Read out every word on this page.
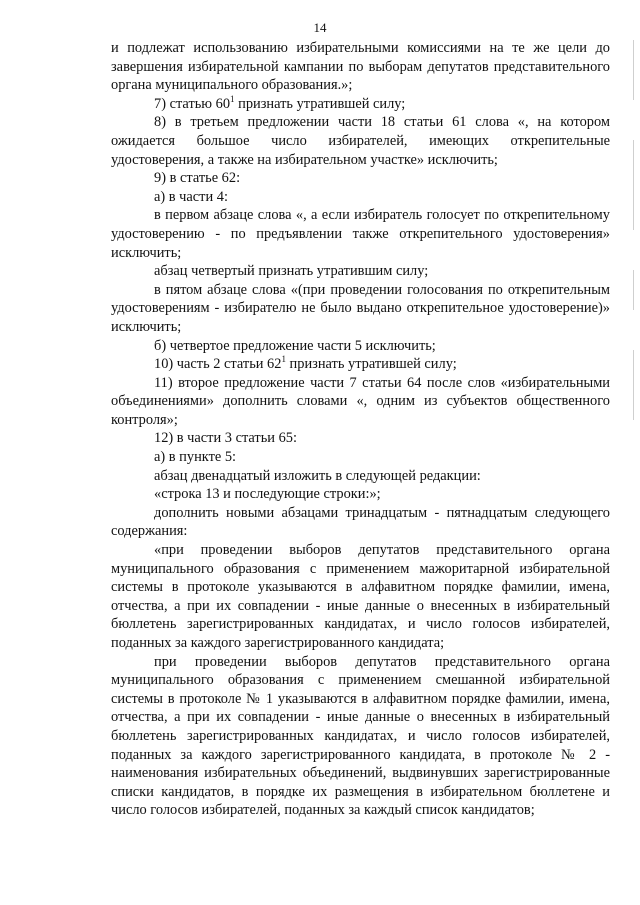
14

и подлежат использованию избирательными комиссиями на те же цели до завершения избирательной кампании по выборам депутатов представительного органа муниципального образования.»;

7) статью $60^1$ признать утратившей силу;

8) в третьем предложении части 18 статьи 61 слова «, на котором ожидается большое число избирателей, имеющих открепительные удостоверения, а также на избирательном участке» исключить;

9) в статье 62:

а) в части 4:

в первом абзаце слова «, а если избиратель голосует по открепительному удостоверению - по предъявлении также открепительного удостоверения» исключить;

абзац четвертый признать утратившим силу;

в пятом абзаце слова «(при проведении голосования по открепительным удостоверениям - избирателю не было выдано открепительное удостоверение)» исключить;

б) четвертое предложение части 5 исключить;

10) часть 2 статьи $62^1$ признать утратившей силу;

11) второе предложение части 7 статьи 64 после слов «избирательными объединениями» дополнить словами «, одним из субъектов общественного контроля»;

12) в части 3 статьи 65:

а) в пункте 5:

абзац двенадцатый изложить в следующей редакции:

«строка 13 и последующие строки:»;

дополнить новыми абзацами тринадцатым - пятнадцатым следующего содержания:

«при проведении выборов депутатов представительного органа муниципального образования с применением мажоритарной избирательной системы в протоколе указываются в алфавитном порядке фамилии, имена, отчества, а при их совпадении - иные данные о внесенных в избирательный бюллетень зарегистрированных кандидатах, и число голосов избирателей, поданных за каждого зарегистрированного кандидата;

при проведении выборов депутатов представительного органа муниципального образования с применением смешанной избирательной системы в протоколе № 1 указываются в алфавитном порядке фамилии, имена, отчества, а при их совпадении - иные данные о внесенных в избирательный бюллетень зарегистрированных кандидатах, и число голосов избирателей, поданных за каждого зарегистрированного кандидата, в протоколе № 2 - наименования избирательных объединений, выдвинувших зарегистрированные списки кандидатов, в порядке их размещения в избирательном бюллетене и число голосов избирателей, поданных за каждый список кандидатов;
